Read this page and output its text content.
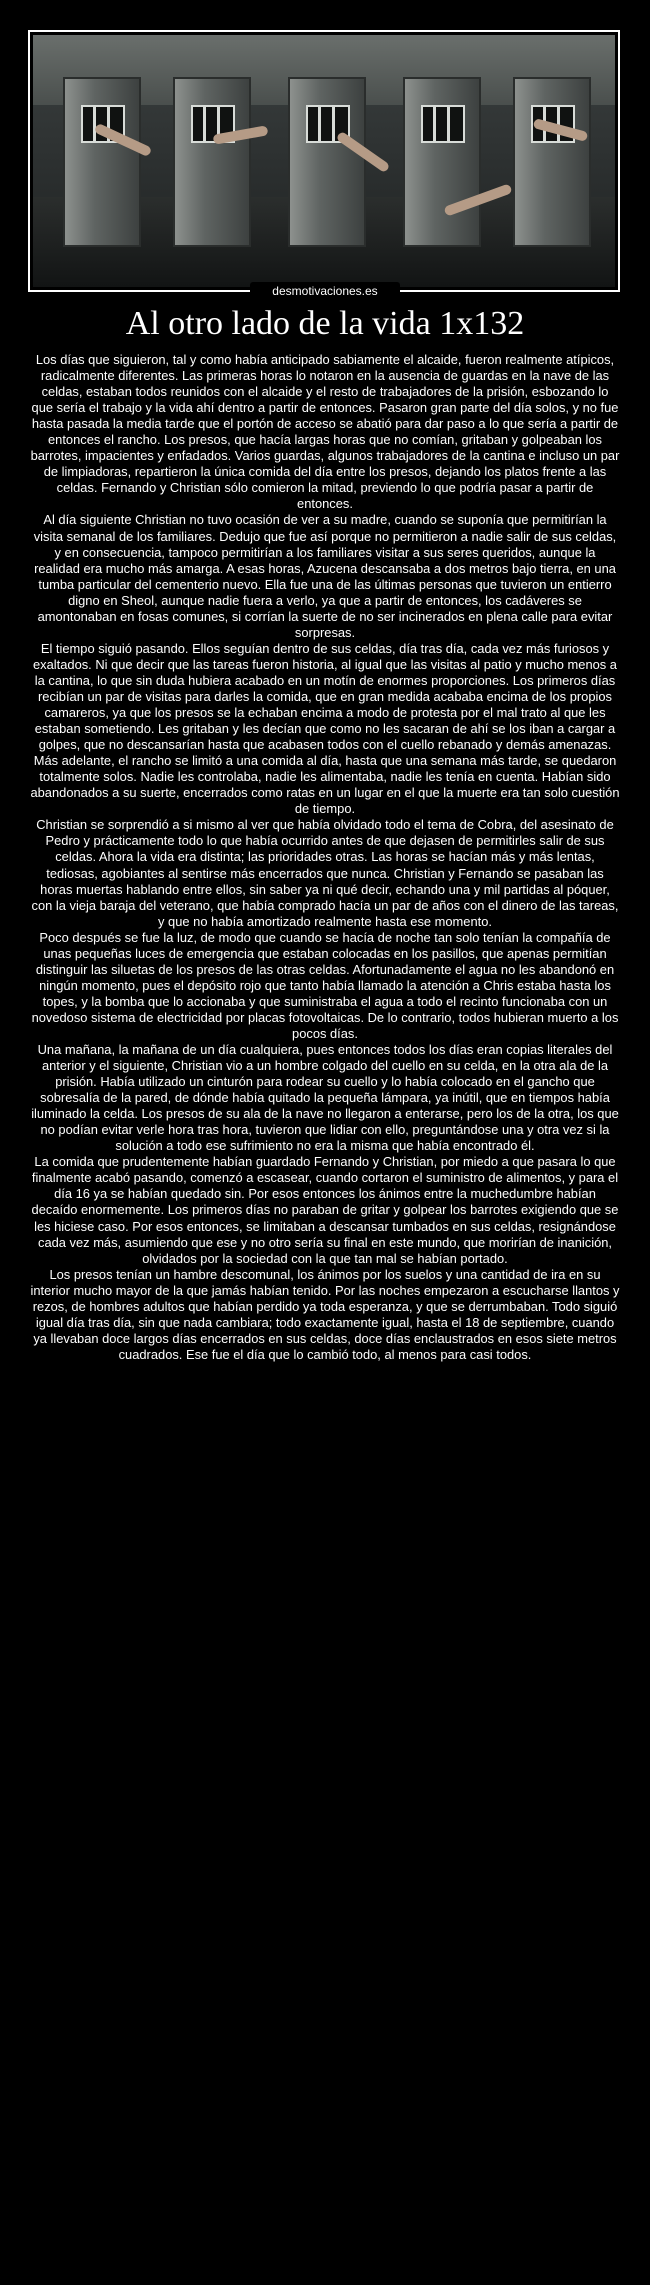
desmotivaciones.es
Al otro lado de la vida 1x132

Los días que siguieron, tal y como había anticipado sabiamente el alcaide, fueron realmente atípicos, radicalmente diferentes. Las primeras horas lo notaron en la ausencia de guardas en la nave de las celdas, estaban todos reunidos con el alcaide y el resto de trabajadores de la prisión, esbozando lo que sería el trabajo y la vida ahí dentro a partir de entonces. Pasaron gran parte del día solos, y no fue hasta pasada la media tarde que el portón de acceso se abatió para dar paso a lo que sería a partir de entonces el rancho. Los presos, que hacía largas horas que no comían, gritaban y golpeaban los barrotes, impacientes y enfadados. Varios guardas, algunos trabajadores de la cantina e incluso un par de limpiadoras, repartieron la única comida del día entre los presos, dejando los platos frente a las celdas. Fernando y Christian sólo comieron la mitad, previendo lo que podría pasar a partir de entonces.

Al día siguiente Christian no tuvo ocasión de ver a su madre, cuando se suponía que permitirían la visita semanal de los familiares. Dedujo que fue así porque no permitieron a nadie salir de sus celdas, y en consecuencia, tampoco permitirían a los familiares visitar a sus seres queridos, aunque la realidad era mucho más amarga. A esas horas, Azucena descansaba a dos metros bajo tierra, en una tumba particular del cementerio nuevo. Ella fue una de las últimas personas que tuvieron un entierro digno en Sheol, aunque nadie fuera a verlo, ya que a partir de entonces, los cadáveres se amontonaban en fosas comunes, si corrían la suerte de no ser incinerados en plena calle para evitar sorpresas.

El tiempo siguió pasando. Ellos seguían dentro de sus celdas, día tras día, cada vez más furiosos y exaltados. Ni que decir que las tareas fueron historia, al igual que las visitas al patio y mucho menos a la cantina, lo que sin duda hubiera acabado en un motín de enormes proporciones. Los primeros días recibían un par de visitas para darles la comida, que en gran medida acababa encima de los propios camareros, ya que los presos se la echaban encima a modo de protesta por el mal trato al que les estaban sometiendo. Les gritaban y les decían que como no les sacaran de ahí se los iban a cargar a golpes, que no descansarían hasta que acabasen todos con el cuello rebanado y demás amenazas. Más adelante, el rancho se limitó a una comida al día, hasta que una semana más tarde, se quedaron totalmente solos. Nadie les controlaba, nadie les alimentaba, nadie les tenía en cuenta. Habían sido abandonados a su suerte, encerrados como ratas en un lugar en el que la muerte era tan solo cuestión de tiempo.

Christian se sorprendió a si mismo al ver que había olvidado todo el tema de Cobra, del asesinato de Pedro y prácticamente todo lo que había ocurrido antes de que dejasen de permitirles salir de sus celdas. Ahora la vida era distinta; las prioridades otras. Las horas se hacían más y más lentas, tediosas, agobiantes al sentirse más encerrados que nunca. Christian y Fernando se pasaban las horas muertas hablando entre ellos, sin saber ya ni qué decir, echando una y mil partidas al póquer, con la vieja baraja del veterano, que había comprado hacía un par de años con el dinero de las tareas, y que no había amortizado realmente hasta ese momento.

Poco después se fue la luz, de modo que cuando se hacía de noche tan solo tenían la compañía de unas pequeñas luces de emergencia que estaban colocadas en los pasillos, que apenas permitían distinguir las siluetas de los presos de las otras celdas. Afortunadamente el agua no les abandonó en ningún momento, pues el depósito rojo que tanto había llamado la atención a Chris estaba hasta los topes, y la bomba que lo accionaba y que suministraba el agua a todo el recinto funcionaba con un novedoso sistema de electricidad por placas fotovoltaicas. De lo contrario, todos hubieran muerto a los pocos días.

Una mañana, la mañana de un día cualquiera, pues entonces todos los días eran copias literales del anterior y el siguiente, Christian vio a un hombre colgado del cuello en su celda, en la otra ala de la prisión. Había utilizado un cinturón para rodear su cuello y lo había colocado en el gancho que sobresalía de la pared, de dónde había quitado la pequeña lámpara, ya inútil, que en tiempos había iluminado la celda. Los presos de su ala de la nave no llegaron a enterarse, pero los de la otra, los que no podían evitar verle hora tras hora, tuvieron que lidiar con ello, preguntándose una y otra vez si la solución a todo ese sufrimiento no era la misma que había encontrado él.

La comida que prudentemente habían guardado Fernando y Christian, por miedo a que pasara lo que finalmente acabó pasando, comenzó a escasear, cuando cortaron el suministro de alimentos, y para el día 16 ya se habían quedado sin. Por esos entonces los ánimos entre la muchedumbre habían decaído enormemente. Los primeros días no paraban de gritar y golpear los barrotes exigiendo que se les hiciese caso. Por esos entonces, se limitaban a descansar tumbados en sus celdas, resignándose cada vez más, asumiendo que ese y no otro sería su final en este mundo, que morirían de inanición, olvidados por la sociedad con la que tan mal se habían portado.

Los presos tenían un hambre descomunal, los ánimos por los suelos y una cantidad de ira en su interior mucho mayor de la que jamás habían tenido. Por las noches empezaron a escucharse llantos y rezos, de hombres adultos que habían perdido ya toda esperanza, y que se derrumbaban. Todo siguió igual día tras día, sin que nada cambiara; todo exactamente igual, hasta el 18 de septiembre, cuando ya llevaban doce largos días encerrados en sus celdas, doce días enclaustrados en esos siete metros cuadrados. Ese fue el día que lo cambió todo, al menos para casi todos.
